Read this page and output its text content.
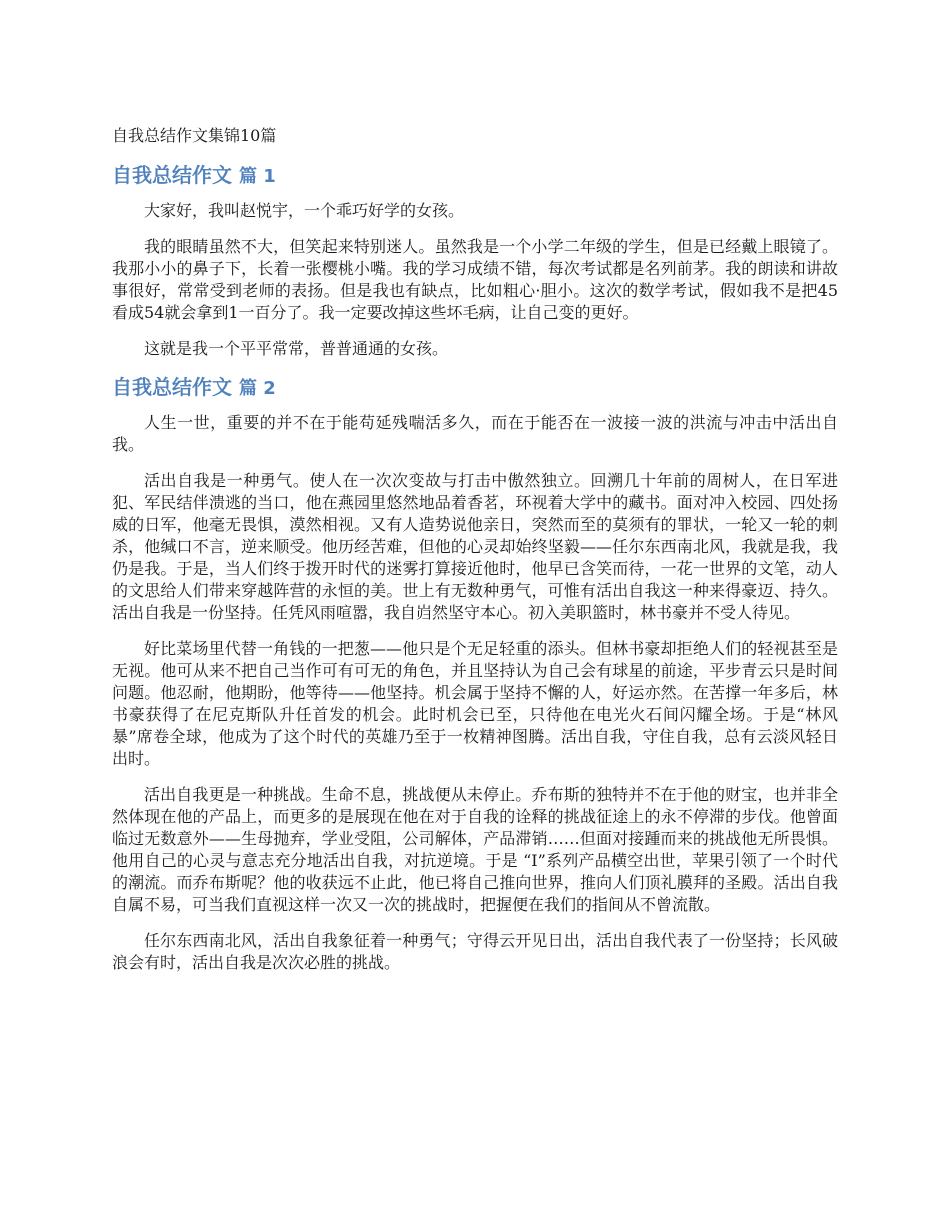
自我总结作文集锦10篇
自我总结作文 篇 1

大家好，我叫赵悦宇，一个乖巧好学的女孩。

我的眼睛虽然不大，但笑起来特别迷人。虽然我是一个小学二年级的学生，但是已经戴上眼镜了。我那小小的鼻子下，长着一张樱桃小嘴。我的学习成绩不错，每次考试都是名列前茅。我的朗读和讲故事很好，常常受到老师的表扬。但是我也有缺点，比如粗心·胆小。这次的数学考试，假如我不是把45看成54就会拿到1一百分了。我一定要改掉这些坏毛病，让自己变的更好。

这就是我一个平平常常，普普通通的女孩。

自我总结作文 篇 2

人生一世，重要的并不在于能苟延残喘活多久，而在于能否在一波接一波的洪流与冲击中活出自我。

活出自我是一种勇气。使人在一次次变故与打击中傲然独立。回溯几十年前的周树人，在日军进犯、军民结伴溃逃的当口，他在燕园里悠然地品着香茗，环视着大学中的藏书。面对冲入校园、四处扬威的日军，他毫无畏惧，漠然相视。又有人造势说他亲日，突然而至的莫须有的罪状，一轮又一轮的刺杀，他缄口不言，逆来顺受。他历经苦难，但他的心灵却始终坚毅——任尔东西南北风，我就是我，我仍是我。于是，当人们终于拨开时代的迷雾打算接近他时，他早已含笑而待，一花一世界的文笔，动人的文思给人们带来穿越阵营的永恒的美。世上有无数种勇气，可惟有活出自我这一种来得豪迈、持久。 活出自我是一份坚持。任凭风雨喧嚣，我自岿然坚守本心。初入美职篮时，林书豪并不受人待见。

好比菜场里代替一角钱的一把葱——他只是个无足轻重的添头。但林书豪却拒绝人们的轻视甚至是无视。他可从来不把自己当作可有可无的角色，并且坚持认为自己会有球星的前途，平步青云只是时间问题。他忍耐，他期盼，他等待——他坚持。机会属于坚持不懈的人，好运亦然。在苦撑一年多后，林书豪获得了在尼克斯队升任首发的机会。此时机会已至，只待他在电光火石间闪耀全场。于是“林风暴”席卷全球，他成为了这个时代的英雄乃至于一枚精神图腾。活出自我，守住自我，总有云淡风轻日出时。

活出自我更是一种挑战。生命不息，挑战便从未停止。乔布斯的独特并不在于他的财宝，也并非全然体现在他的产品上，而更多的是展现在他在对于自我的诠释的挑战征途上的永不停滞的步伐。他曾面临过无数意外——生母抛弃，学业受阻，公司解体，产品滞销……但面对接踵而来的挑战他无所畏惧。他用自己的心灵与意志充分地活出自我，对抗逆境。于是 “I”系列产品横空出世，苹果引领了一个时代的潮流。而乔布斯呢？他的收获远不止此，他已将自己推向世界，推向人们顶礼膜拜的圣殿。活出自我自属不易，可当我们直视这样一次又一次的挑战时，把握便在我们的指间从不曾流散。

任尔东西南北风，活出自我象征着一种勇气；守得云开见日出，活出自我代表了一份坚持；长风破浪会有时，活出自我是次次必胜的挑战。
